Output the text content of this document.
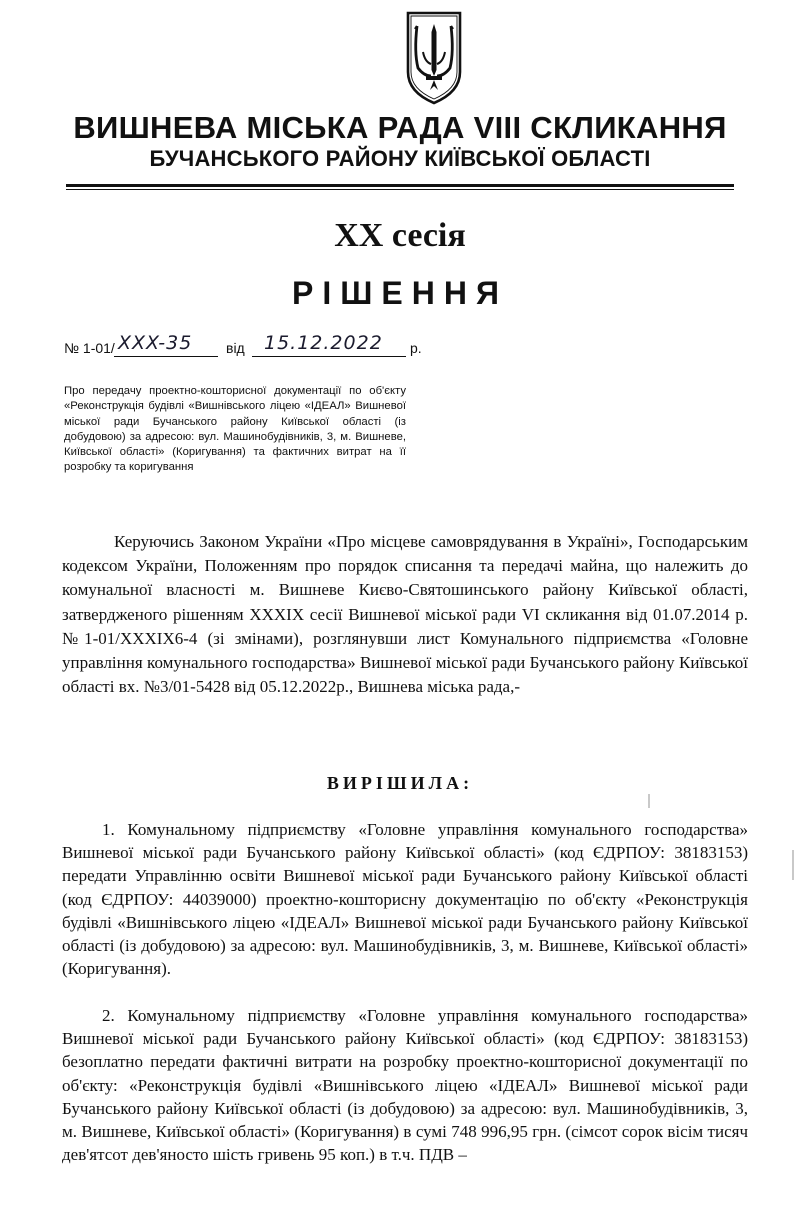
ВИШНЕВА МІСЬКА РАДА VIII СКЛИКАННЯ
БУЧАНСЬКОГО РАЙОНУ КИЇВСЬКОЇ ОБЛАСТІ
XX сесія
РІШЕННЯ
№ 1-01/ XXX-35 від 15.12.2022 р.

Про передачу проектно-кошторисної документації по об'єкту «Реконструкція будівлі «Вишнівського ліцею «ІДЕАЛ» Вишневої міської ради Бучанського району Київської області (із добудовою) за адресою: вул. Машинобудівників, 3, м. Вишневе, Київської області» (Коригування) та фактичних витрат на її розробку та коригування

Керуючись Законом України «Про місцеве самоврядування в Україні», Господарським кодексом України, Положенням про порядок списання та передачі майна, що належить до комунальної власності м. Вишневе Києво-Святошинського району Київської області, затвердженого рішенням ХХХІХ сесії Вишневої міської ради VI скликання від 01.07.2014 р. №1-01/ХХХІХ6-4 (зі змінами), розглянувши лист Комунального підприємства «Головне управління комунального господарства» Вишневої міської ради Бучанського району Київської області вх. №3/01-5428 від 05.12.2022р., Вишнева міська рада,-

ВИРІШИЛА:

1. Комунальному підприємству «Головне управління комунального господарства» Вишневої міської ради Бучанського району Київської області» (код ЄДРПОУ: 38183153) передати Управлінню освіти Вишневої міської ради Бучанського району Київської області (код ЄДРПОУ: 44039000) проектно-кошторисну документацію по об'єкту «Реконструкція будівлі «Вишнівського ліцею «ІДЕАЛ» Вишневої міської ради Бучанського району Київської області (із добудовою) за адресою: вул. Машинобудівників, 3, м. Вишневе, Київської області» (Коригування).

2. Комунальному підприємству «Головне управління комунального господарства» Вишневої міської ради Бучанського району Київської області» (код ЄДРПОУ: 38183153) безоплатно передати фактичні витрати на розробку проектно-кошторисної документації по об'єкту: «Реконструкція будівлі «Вишнівського ліцею «ІДЕАЛ» Вишневої міської ради Бучанського району Київської області (із добудовою) за адресою: вул. Машинобудівників, 3, м. Вишневе, Київської області» (Коригування) в сумі 748 996,95 грн. (сімсот сорок вісім тисяч дев'ятсот дев'яносто шість гривень 95 коп.) в т.ч. ПДВ –
